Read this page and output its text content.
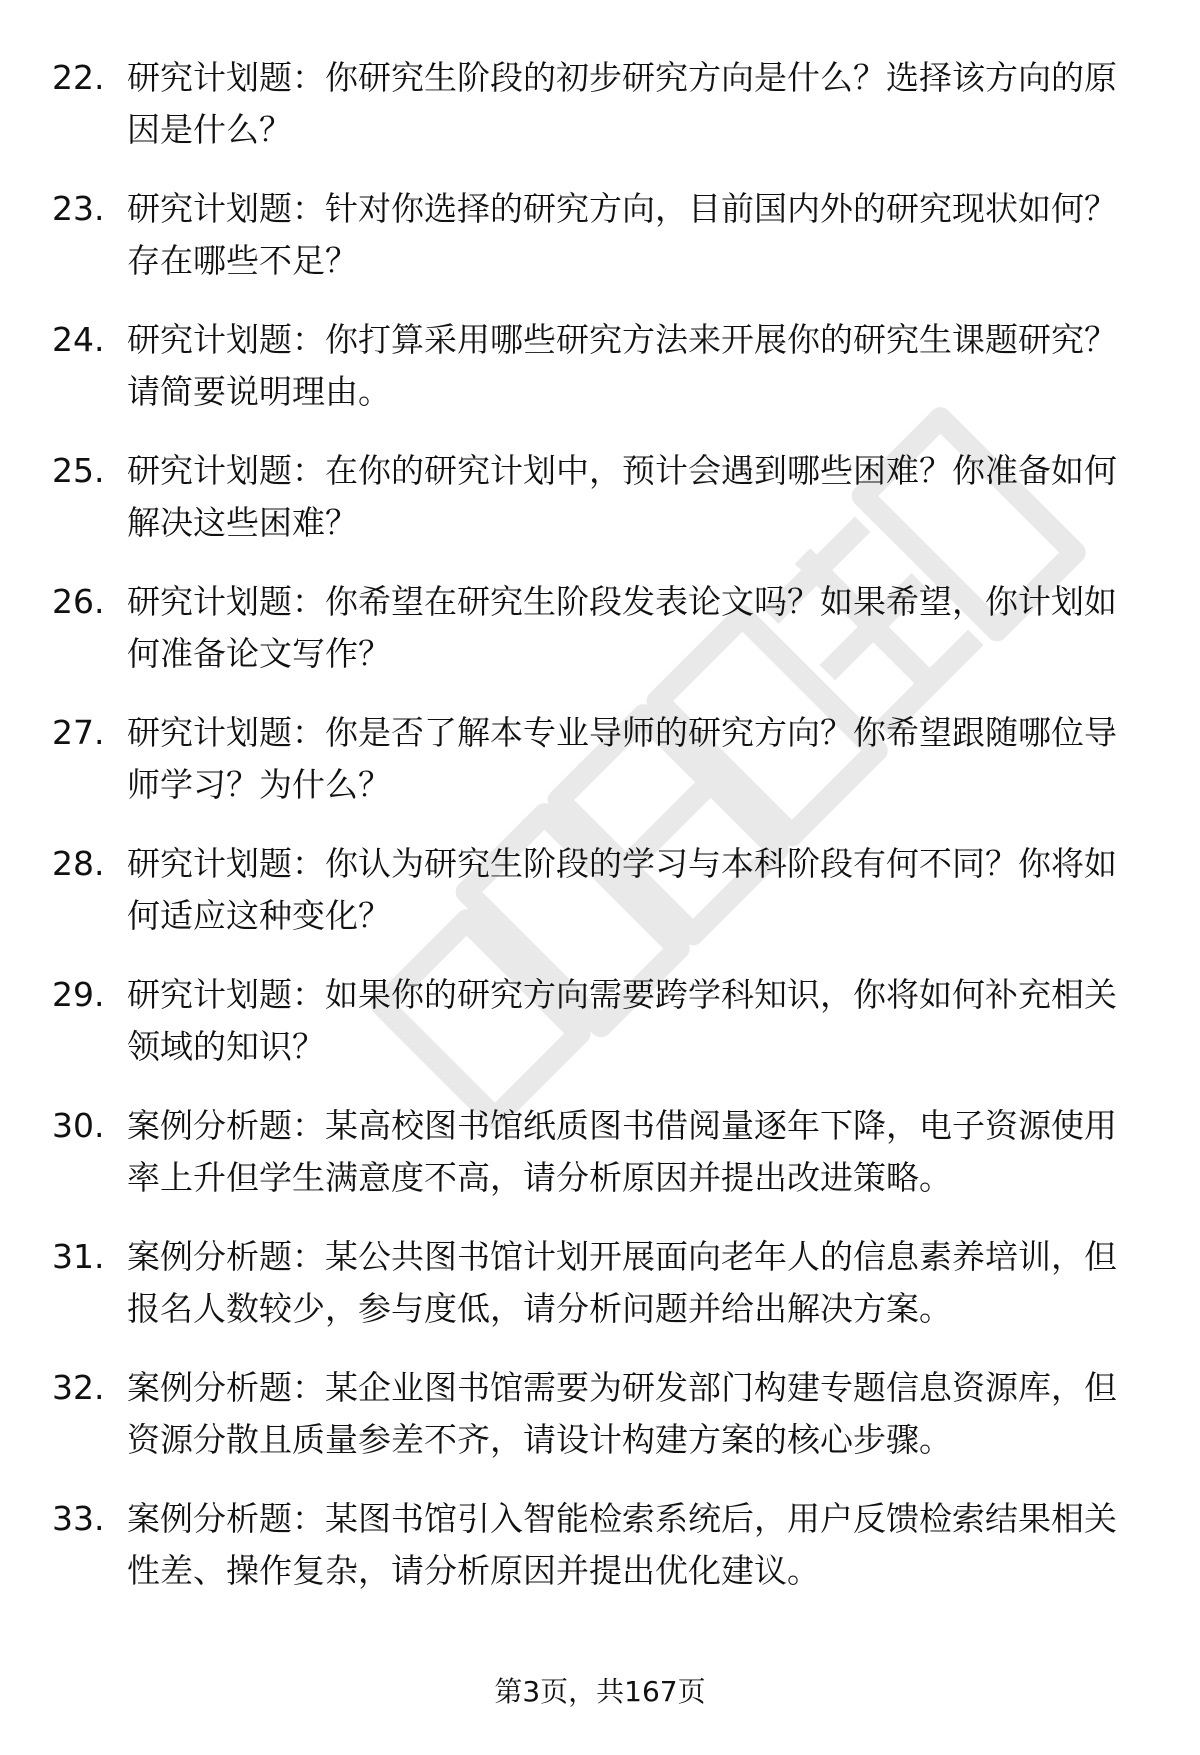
22. 研究计划题：你研究生阶段的初步研究方向是什么？选择该方向的原因是什么？

23. 研究计划题：针对你选择的研究方向，目前国内外的研究现状如何？存在哪些不足？

24. 研究计划题：你打算采用哪些研究方法来开展你的研究生课题研究？请简要说明理由。

25. 研究计划题：在你的研究计划中，预计会遇到哪些困难？你准备如何解决这些困难？

26. 研究计划题：你希望在研究生阶段发表论文吗？如果希望，你计划如何准备论文写作？

27. 研究计划题：你是否了解本专业导师的研究方向？你希望跟随哪位导师学习？为什么？

28. 研究计划题：你认为研究生阶段的学习与本科阶段有何不同？你将如何适应这种变化？

29. 研究计划题：如果你的研究方向需要跨学科知识，你将如何补充相关领域的知识？

30. 案例分析题：某高校图书馆纸质图书借阅量逐年下降，电子资源使用率上升但学生满意度不高，请分析原因并提出改进策略。

31. 案例分析题：某公共图书馆计划开展面向老年人的信息素养培训，但报名人数较少，参与度低，请分析问题并给出解决方案。

32. 案例分析题：某企业图书馆需要为研发部门构建专题信息资源库，但资源分散且质量参差不齐，请设计构建方案的核心步骤。

33. 案例分析题：某图书馆引入智能检索系统后，用户反馈检索结果相关性差、操作复杂，请分析原因并提出优化建议。

第3页，共167页
